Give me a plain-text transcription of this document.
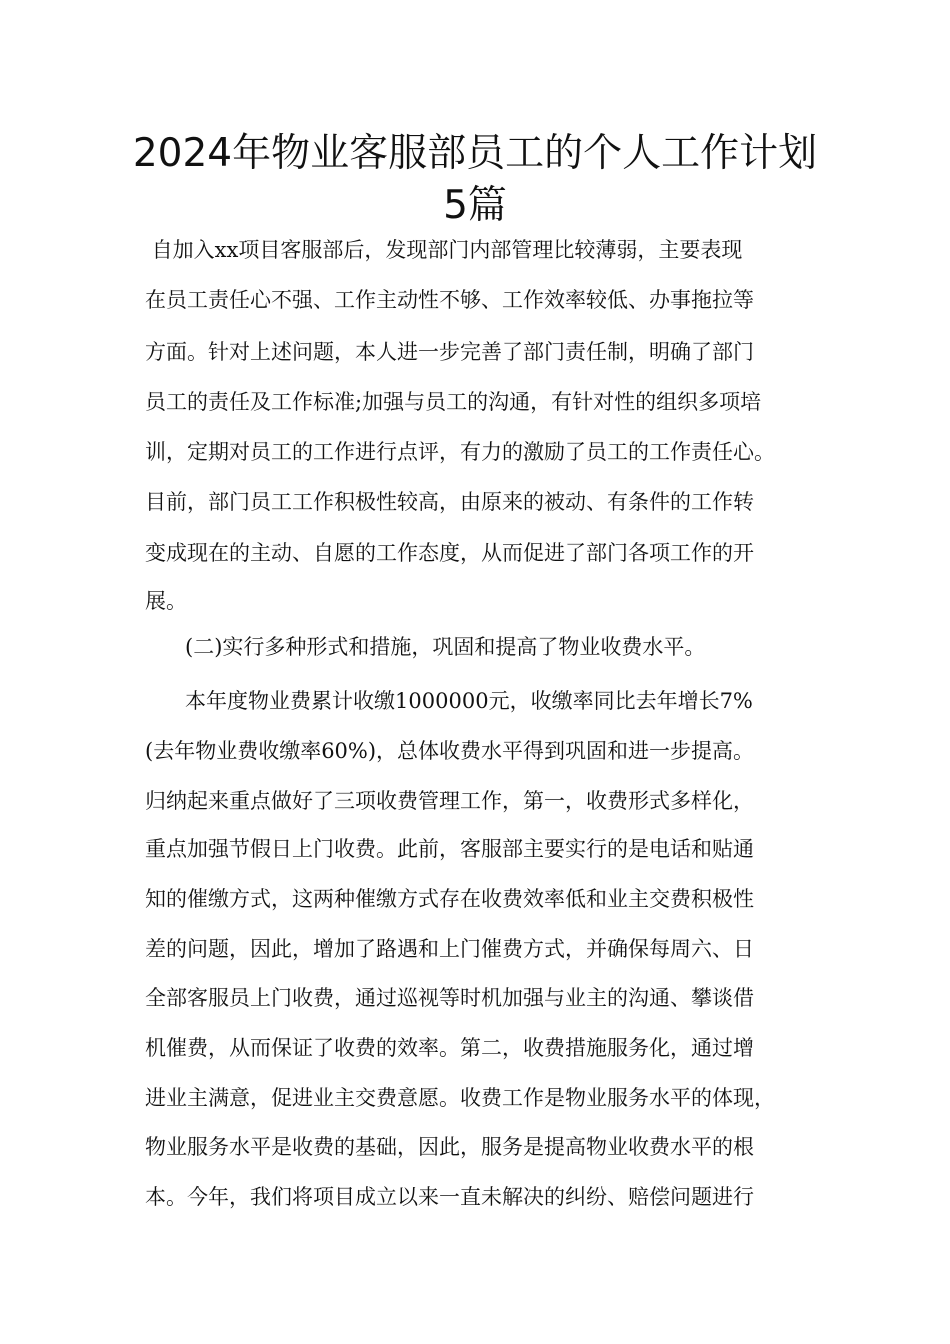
2024年物业客服部员工的个人工作计划
5篇

自加入xx项目客服部后，发现部门内部管理比较薄弱，主要表现

在员工责任心不强、工作主动性不够、工作效率较低、办事拖拉等

方面。针对上述问题，本人进一步完善了部门责任制，明确了部门

员工的责任及工作标准;加强与员工的沟通，有针对性的组织多项培

训，定期对员工的工作进行点评，有力的激励了员工的工作责任心。

目前，部门员工工作积极性较高，由原来的被动、有条件的工作转

变成现在的主动、自愿的工作态度，从而促进了部门各项工作的开

展。

(二)实行多种形式和措施，巩固和提高了物业收费水平。

本年度物业费累计收缴1000000元，收缴率同比去年增长7%

(去年物业费收缴率60%)，总体收费水平得到巩固和进一步提高。

归纳起来重点做好了三项收费管理工作，第一，收费形式多样化，

重点加强节假日上门收费。此前，客服部主要实行的是电话和贴通

知的催缴方式，这两种催缴方式存在收费效率低和业主交费积极性

差的问题，因此，增加了路遇和上门催费方式，并确保每周六、日

全部客服员上门收费，通过巡视等时机加强与业主的沟通、攀谈借

机催费，从而保证了收费的效率。第二，收费措施服务化，通过增

进业主满意，促进业主交费意愿。收费工作是物业服务水平的体现，

物业服务水平是收费的基础，因此，服务是提高物业收费水平的根

本。今年，我们将项目成立以来一直未解决的纠纷、赔偿问题进行
